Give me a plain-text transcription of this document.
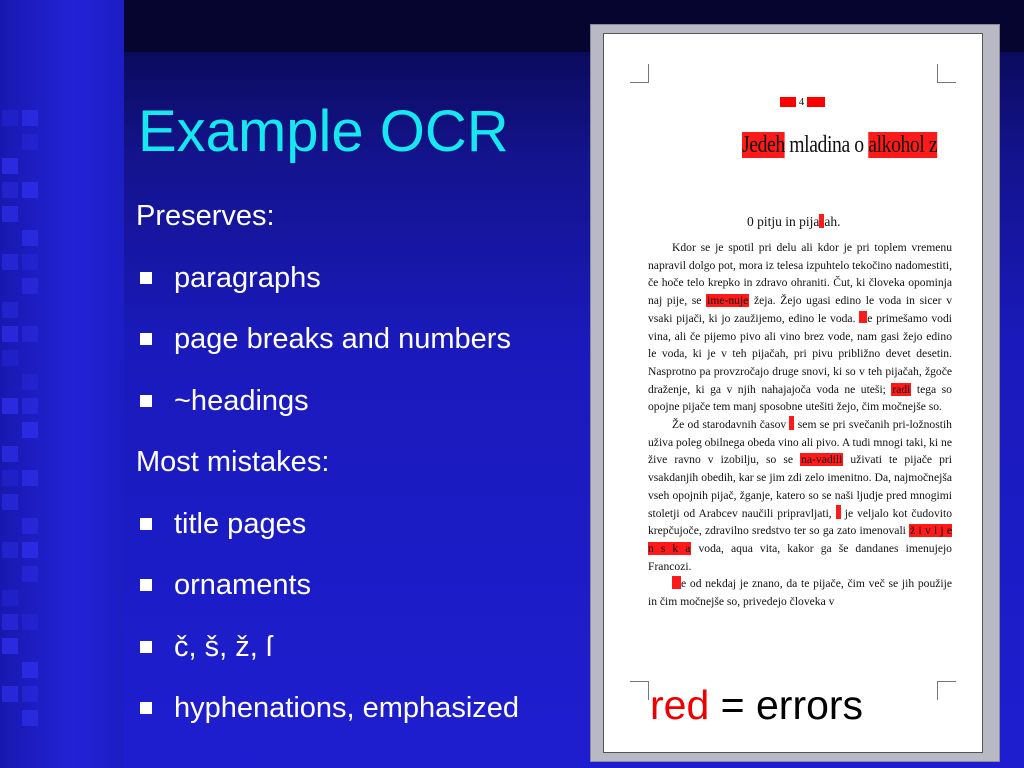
Example OCR
Preserves:
paragraphs
page breaks and numbers
~headings
Most mistakes:
title pages
ornaments
č, š, ž, ſ
hyphenations, emphasized
4
Jedeh mladina o alkohol z
0 pitju in pija ah.

Kdor se je spotil pri delu ali kdor je pri toplem vremenu napravil dolgo pot, mora iz telesa izpuhtelo tekočino nadomestiti, če hoče telo krepko in zdravo ohraniti. Čut, ki človeka opominja naj pije, se ime-nuje žeja. Žejo ugasi edino le voda in sicer v vsaki pijači, ki jo zaužijemo, edino le voda. e primešamo vodi vina, ali če pijemo pivo ali vino brez vode, nam gasi žejo edino le voda, ki je v teh pijačah, pri pivu približno devet desetin. Nasprotno pa provzročajo druge snovi, ki so v teh pijačah, žgoče draženje, ki ga v njih nahajajoča voda ne uteši; radi tega so opojne pijače tem manj sposobne utešiti žejo, čim močnejše so.

Že od starodavnih časov sem se pri svečanih pri-ložnostih uživa poleg obilnega obeda vino ali pivo. A tudi mnogi taki, ki ne žive ravno v izobilju, so se na-vadili uživati te pijače pri vsakdanjih obedih, kar se jim zdi zelo imenitno. Da, najmočnejša vseh opojnih pijač, žganje, katero so se naši ljudje pred mnogimi stoletji od Arabcev naučili pripravljati, je veljalo kot čudovito krepčujoče, zdravilno sredstvo ter so ga zato imenovali ž i v l j e n s k a voda, aqua vita, kakor ga še dandanes imenujejo Francozi.

e od nekdaj je znano, da te pijače, čim več se jih použije in čim močnejše so, privedejo človeka v

red = errors
